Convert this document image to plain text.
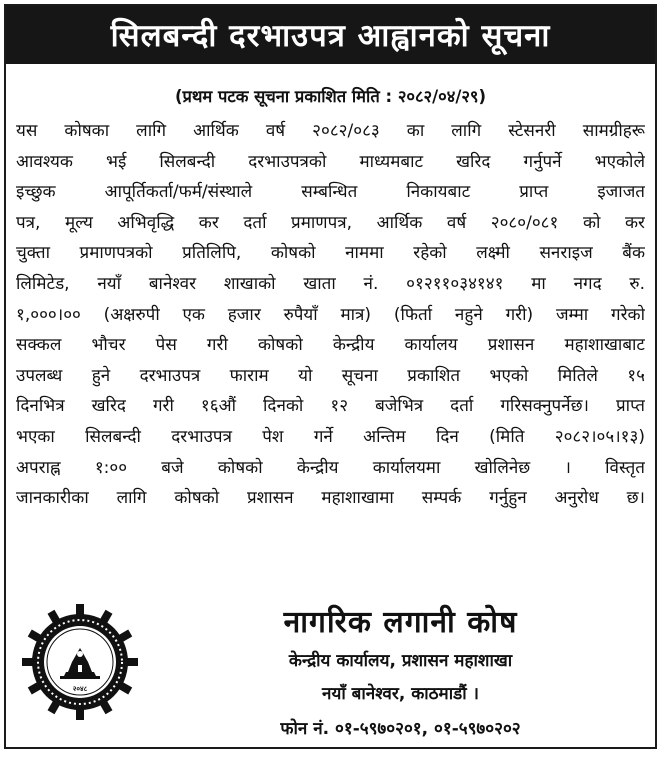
सिलबन्दी दरभाउपत्र आह्वानको सूचना
(प्रथम पटक सूचना प्रकाशित मिति : २०८२/०४/२९)
यस कोषका लागि आर्थिक वर्ष २०८२/०८३ का लागि स्टेसनरी सामग्रीहरू
आवश्यक भई सिलबन्दी दरभाउपत्रको माध्यमबाट खरिद गर्नुपर्ने भएकोले
इच्छुक आपूर्तिकर्ता/फर्म/संस्थाले सम्बन्धित निकायबाट प्राप्त इजाजत
पत्र, मूल्य अभिवृद्धि कर दर्ता प्रमाणपत्र, आर्थिक वर्ष २०८०/०८१ को कर
चुक्ता प्रमाणपत्रको प्रतिलिपि, कोषको नाममा रहेको लक्ष्मी सनराइज बैंक
लिमिटेड, नयाँ बानेश्वर शाखाको खाता नं. ०१२११०३४१४१ मा नगद रु.
१,०००।०० (अक्षरुपी एक हजार रुपैयाँ मात्र) (फिर्ता नहुने गरी) जम्मा गरेको
सक्कल भौचर पेस गरी कोषको केन्द्रीय कार्यालय प्रशासन महाशाखाबाट
उपलब्ध हुने दरभाउपत्र फाराम यो सूचना प्रकाशित भएको मितिले १५
दिनभित्र खरिद गरी १६औं दिनको १२ बजेभित्र दर्ता गरिसक्नुपर्नेछ। प्राप्त
भएका सिलबन्दी दरभाउपत्र पेश गर्ने अन्तिम दिन (मिति २०८२।०५।१३)
अपराह्न १:०० बजे कोषको केन्द्रीय कार्यालयमा खोलिनेछ । विस्तृत
जानकारीका लागि कोषको प्रशासन महाशाखामा सम्पर्क गर्नुहुन अनुरोध छ।
२०४८
नागरिक लगानी कोष
केन्द्रीय कार्यालय, प्रशासन महाशाखा
नयाँ बानेश्वर, काठमाडौं ।
फोन नं. ०१-५९७०२०१, ०१-५९७०२०२
